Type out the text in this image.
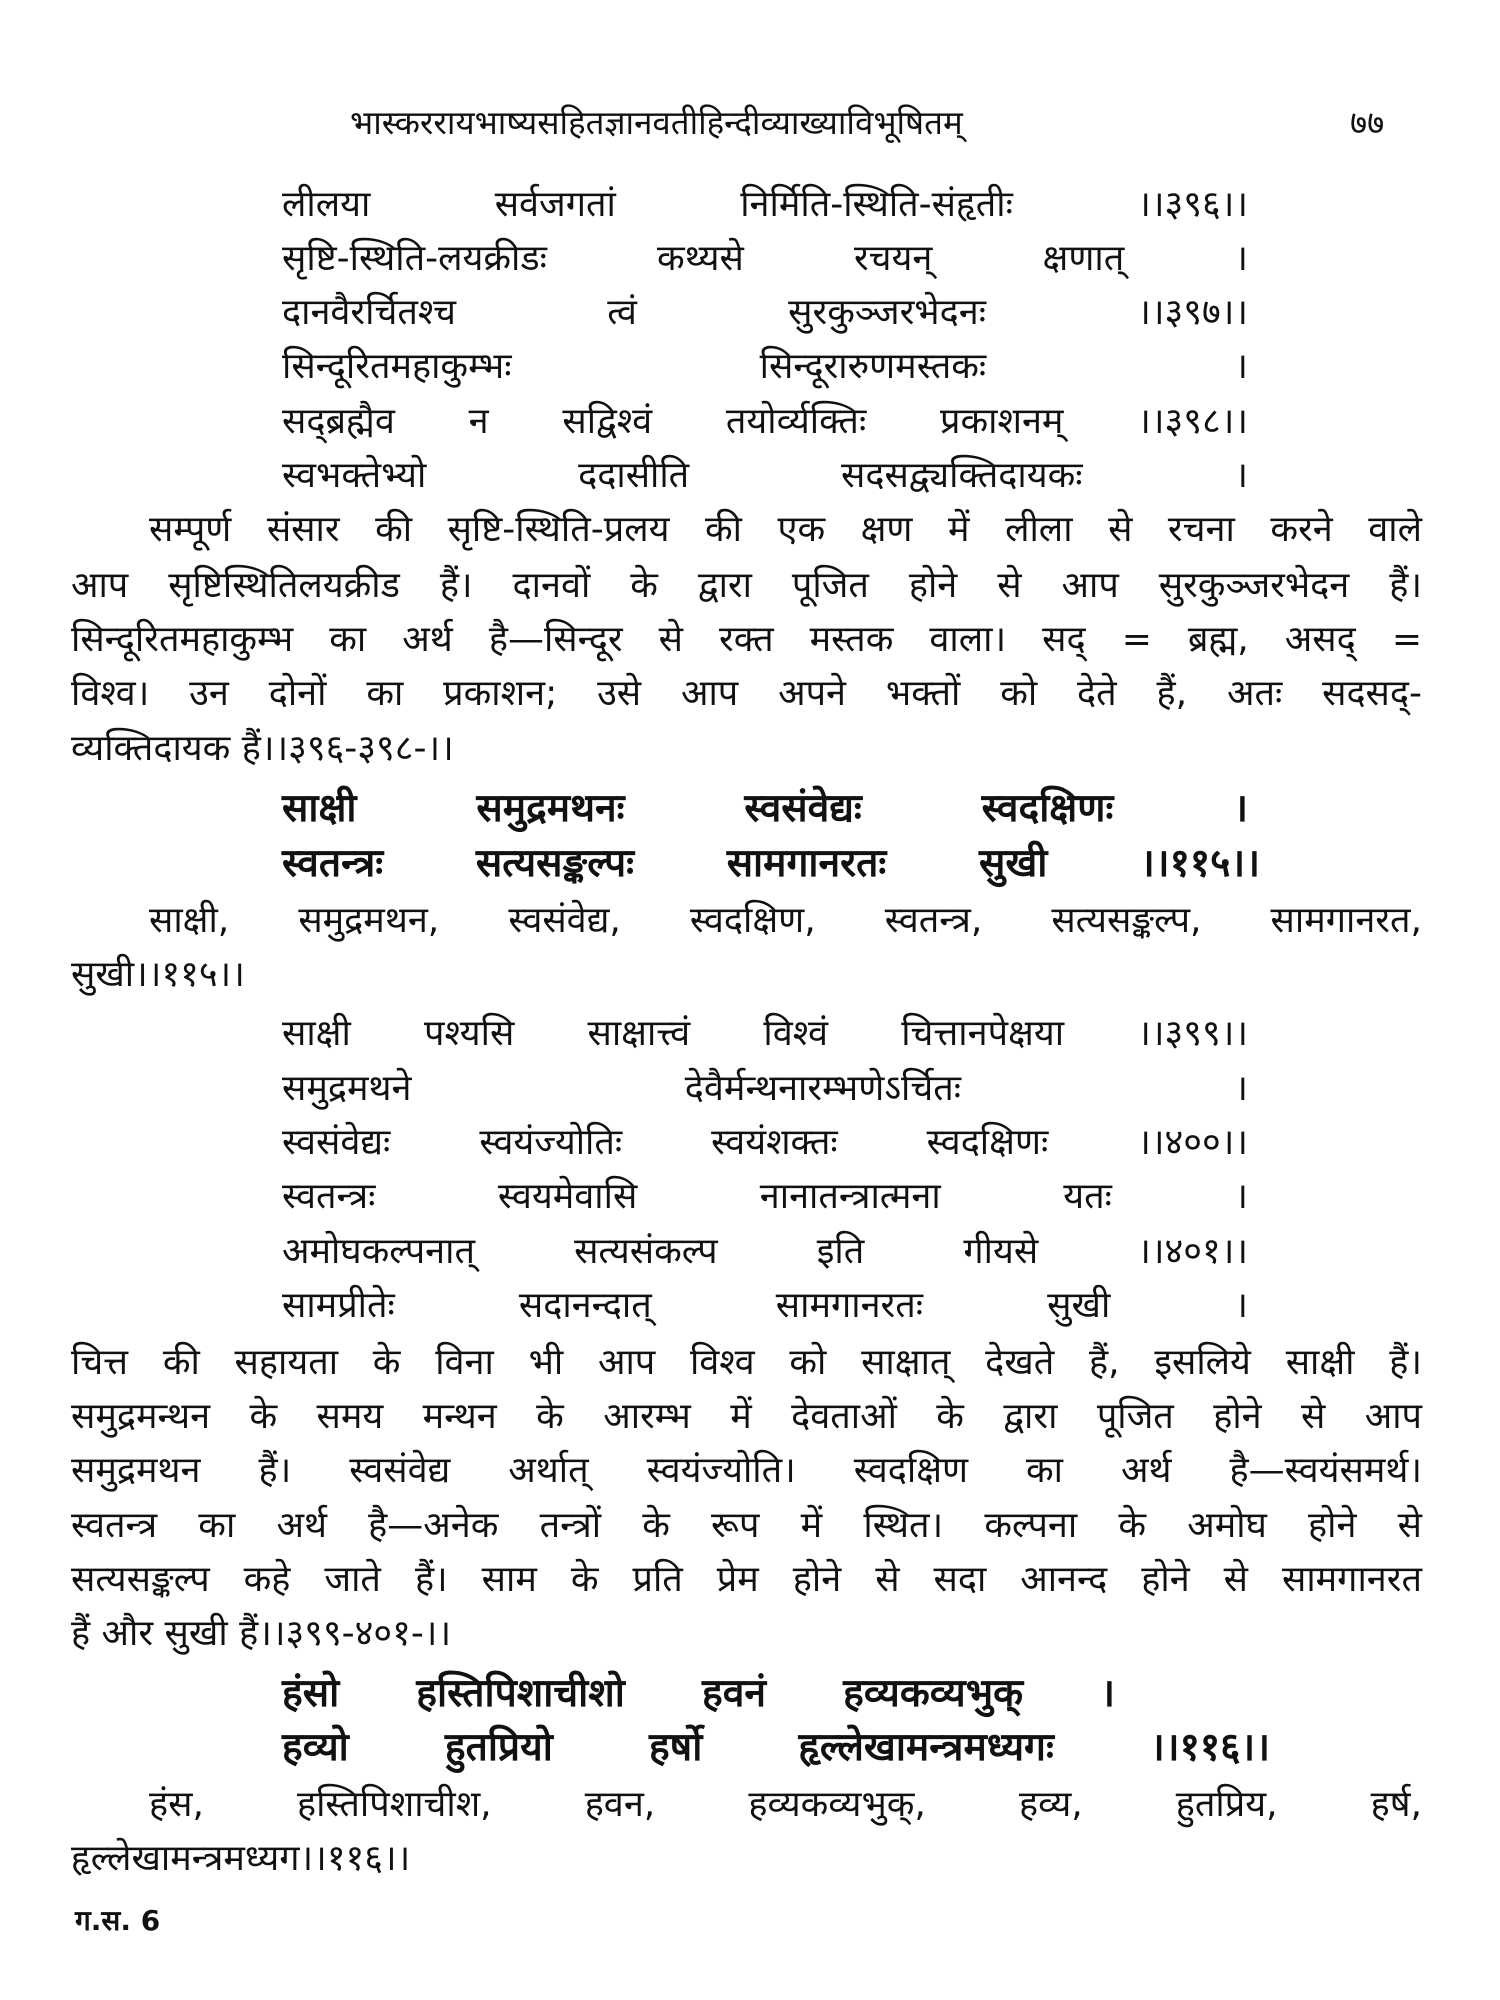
भास्कररायभाष्यसहितज्ञानवतीहिन्दीव्याख्याविभूषितम्	७७
लीलया सर्वजगतां निर्मिति-स्थिति-संहृतीः ।।३९६।।
सृष्टि-स्थिति-लयक्रीडः कथ्यसे रचयन् क्षणात् ।
दानवैरर्चितश्च त्वं सुरकुञ्जरभेदनः ।।३९७।।
सिन्दूरितमहाकुम्भः सिन्दूरारुणमस्तकः ।
सद्ब्रह्मैव न सद्विश्वं तयोर्व्यक्तिः प्रकाशनम् ।।३९८।।
स्वभक्तेभ्यो ददासीति सदसद्व्यक्तिदायकः ।
सम्पूर्ण संसार की सृष्टि-स्थिति-प्रलय की एक क्षण में लीला से रचना करने वाले
आप सृष्टिस्थितिलयक्रीड हैं। दानवों के द्वारा पूजित होने से आप सुरकुञ्जरभेदन हैं।
सिन्दूरितमहाकुम्भ का अर्थ है—सिन्दूर से रक्त मस्तक वाला। सद् = ब्रह्म, असद् =
विश्व। उन दोनों का प्रकाशन; उसे आप अपने भक्तों को देते हैं, अतः सदसद्-
व्यक्तिदायक हैं।।३९६-३९८-।।
साक्षी समुद्रमथनः स्वसंवेद्यः स्वदक्षिणः ।
स्वतन्त्रः सत्यसङ्कल्पः सामगानरतः सुखी ।।११५।।
साक्षी, समुद्रमथन, स्वसंवेद्य, स्वदक्षिण, स्वतन्त्र, सत्यसङ्कल्प, सामगानरत,
सुखी।।११५।।
साक्षी पश्यसि साक्षात्त्वं विश्वं चित्तानपेक्षया ।।३९९।।
समुद्रमथने देवैर्मन्थनारम्भणेऽर्चितः ।
स्वसंवेद्यः स्वयंज्योतिः स्वयंशक्तः स्वदक्षिणः ।।४००।।
स्वतन्त्रः स्वयमेवासि नानातन्त्रात्मना यतः ।
अमोघकल्पनात् सत्यसंकल्प इति गीयसे ।।४०१।।
सामप्रीतेः सदानन्दात् सामगानरतः सुखी ।
चित्त की सहायता के विना भी आप विश्व को साक्षात् देखते हैं, इसलिये साक्षी हैं।
समुद्रमन्थन के समय मन्थन के आरम्भ में देवताओं के द्वारा पूजित होने से आप
समुद्रमथन हैं। स्वसंवेद्य अर्थात् स्वयंज्योति। स्वदक्षिण का अर्थ है—स्वयंसमर्थ।
स्वतन्त्र का अर्थ है—अनेक तन्त्रों के रूप में स्थित। कल्पना के अमोघ होने से
सत्यसङ्कल्प कहे जाते हैं। साम के प्रति प्रेम होने से सदा आनन्द होने से सामगानरत
हैं और सुखी हैं।।३९९-४०१-।।
हंसो हस्तिपिशाचीशो हवनं हव्यकव्यभुक् ।
हव्यो हुतप्रियो हर्षो हृल्लेखामन्त्रमध्यगः ।।११६।।
हंस, हस्तिपिशाचीश, हवन, हव्यकव्यभुक्, हव्य, हुतप्रिय, हर्ष,
हृल्लेखामन्त्रमध्यग।।११६।।
ग.स. 6
